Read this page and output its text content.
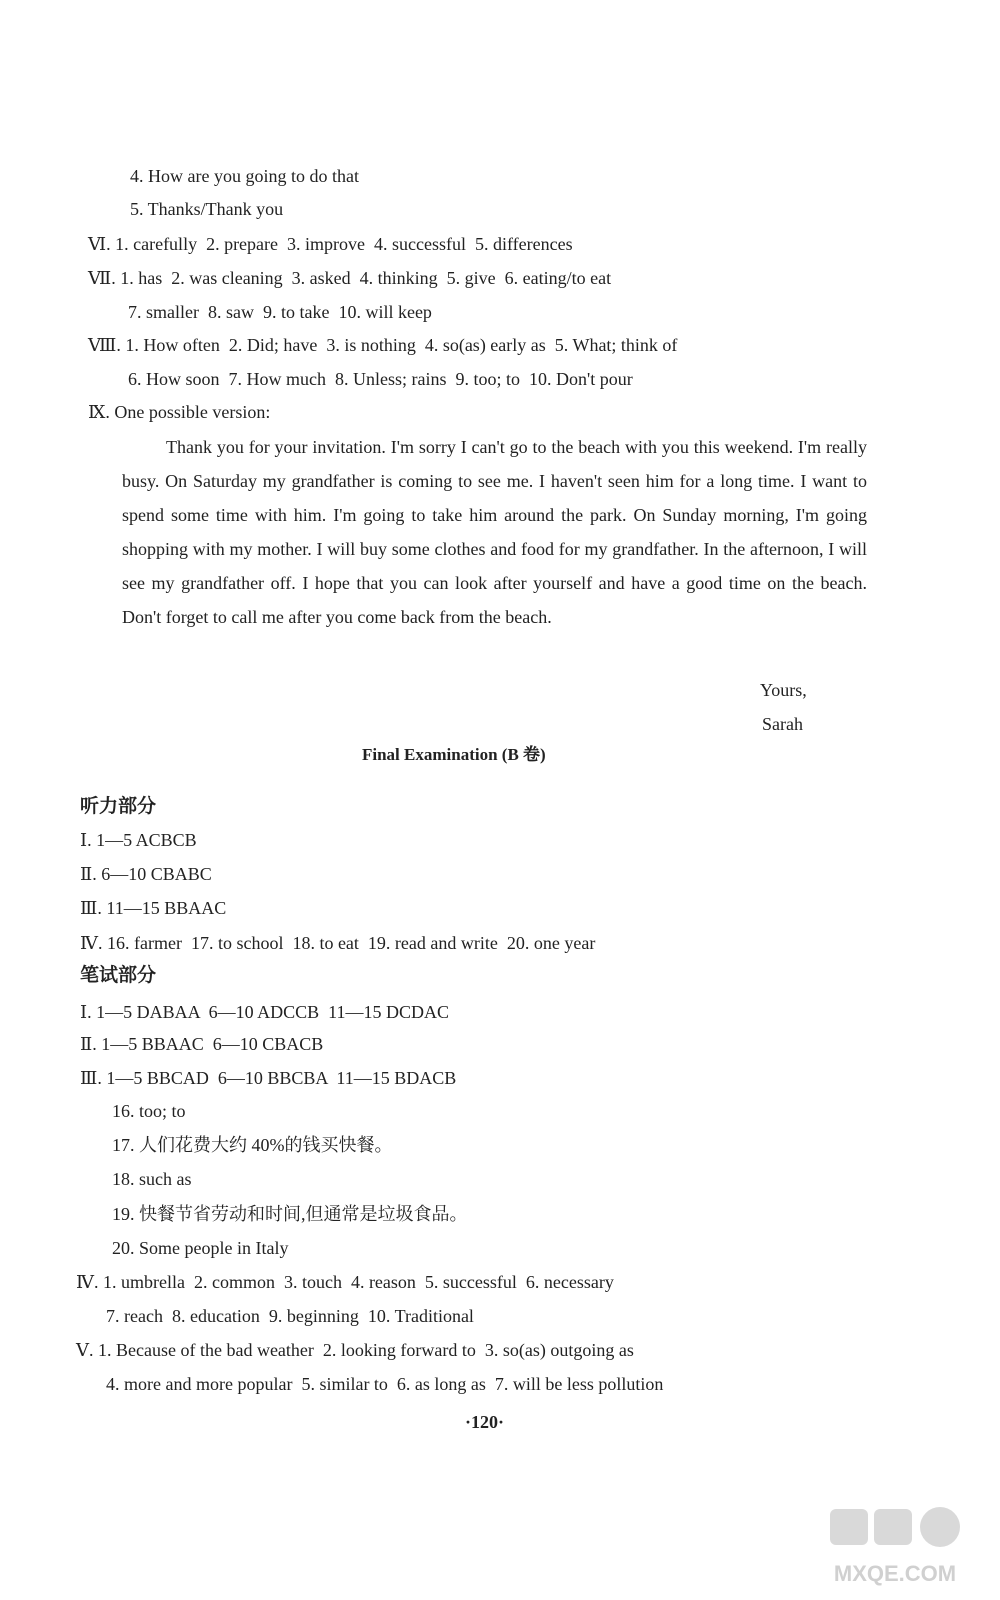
4. How are you going to do that
5. Thanks/Thank you
Ⅵ. 1. carefully  2. prepare  3. improve  4. successful  5. differences
Ⅶ. 1. has  2. was cleaning  3. asked  4. thinking  5. give  6. eating/to eat
7. smaller  8. saw  9. to take  10. will keep
Ⅷ. 1. How often  2. Did; have  3. is nothing  4. so(as) early as  5. What; think of
6. How soon  7. How much  8. Unless; rains  9. too; to  10. Don't pour
Ⅸ. One possible version:
Thank you for your invitation. I'm sorry I can't go to the beach with you this weekend. I'm really busy. On Saturday my grandfather is coming to see me. I haven't seen him for a long time. I want to spend some time with him. I'm going to take him around the park. On Sunday morning, I'm going shopping with my mother. I will buy some clothes and food for my grandfather. In the afternoon, I will see my grandfather off. I hope that you can look after yourself and have a good time on the beach. Don't forget to call me after you come back from the beach.
Yours,
Sarah
Final Examination (B 卷)
听力部分
Ⅰ. 1—5 ACBCB
Ⅱ. 6—10 CBABC
Ⅲ. 11—15 BBAAC
Ⅳ. 16. farmer  17. to school  18. to eat  19. read and write  20. one year
笔试部分
Ⅰ. 1—5 DABAA  6—10 ADCCB  11—15 DCDAC
Ⅱ. 1—5 BBAAC  6—10 CBACB
Ⅲ. 1—5 BBCAD  6—10 BBCBA  11—15 BDACB
16. too; to
17. 人们花费大约 40%的钱买快餐。
18. such as
19. 快餐节省劳动和时间,但通常是垃圾食品。
20. Some people in Italy
Ⅳ. 1. umbrella  2. common  3. touch  4. reason  5. successful  6. necessary
7. reach  8. education  9. beginning  10. Traditional
Ⅴ. 1. Because of the bad weather  2. looking forward to  3. so(as) outgoing as
4. more and more popular  5. similar to  6. as long as  7. will be less pollution
·120·
MXQE.COM
